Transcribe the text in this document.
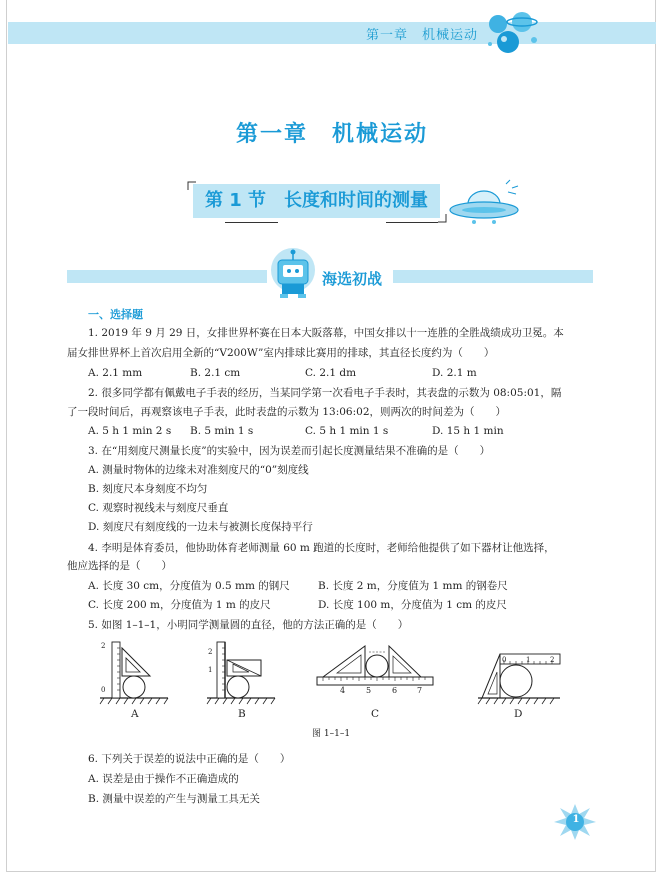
第一章　机械运动
第一章　机械运动
第 1 节　长度和时间的测量
海选初战
一、选择题
1. 2019 年 9 月 29 日，女排世界杯赛在日本大阪落幕，中国女排以十一连胜的全胜战绩成功卫冕。本
届女排世界杯上首次启用全新的“V200W”室内排球比赛用的排球，其直径长度约为（　　）
A. 2.1 mm	B. 2.1 cm	C. 2.1 dm	D. 2.1 m
2. 很多同学都有佩戴电子手表的经历，当某同学第一次看电子手表时，其表盘的示数为 08:05:01，隔
了一段时间后，再观察该电子手表，此时表盘的示数为 13:06:02，则两次的时间差为（　　）
A. 5 h 1 min 2 s B. 5 min 1 s	C. 5 h 1 min 1 s	D. 15 h 1 min
3. 在“用刻度尺测量长度”的实验中，因为误差而引起长度测量结果不准确的是（　　）
A. 测量时物体的边缘未对准刻度尺的“0”刻度线
B. 刻度尺本身刻度不均匀
C. 观察时视线未与刻度尺垂直
D. 刻度尺有刻度线的一边未与被测长度保持平行
4. 李明是体育委员，他协助体育老师测量 60 m 跑道的长度时，老师给他提供了如下器材让他选择，
他应选择的是（　　）
A. 长度 30 cm，分度值为 0.5 mm 的钢尺	B. 长度 2 m，分度值为 1 mm 的钢卷尺
C. 长度 200 m，分度值为 1 m 的皮尺	D. 长度 100 m，分度值为 1 cm 的皮尺
5. 如图 1–1–1，小明同学测量圆的直径，他的方法正确的是（　　）
2
0
2
1
4	5	6 7
0	1	2
A	B	C	D
图 1–1–1
6. 下列关于误差的说法中正确的是（　　）
A. 误差是由于操作不正确造成的
B. 测量中误差的产生与测量工具无关
1
